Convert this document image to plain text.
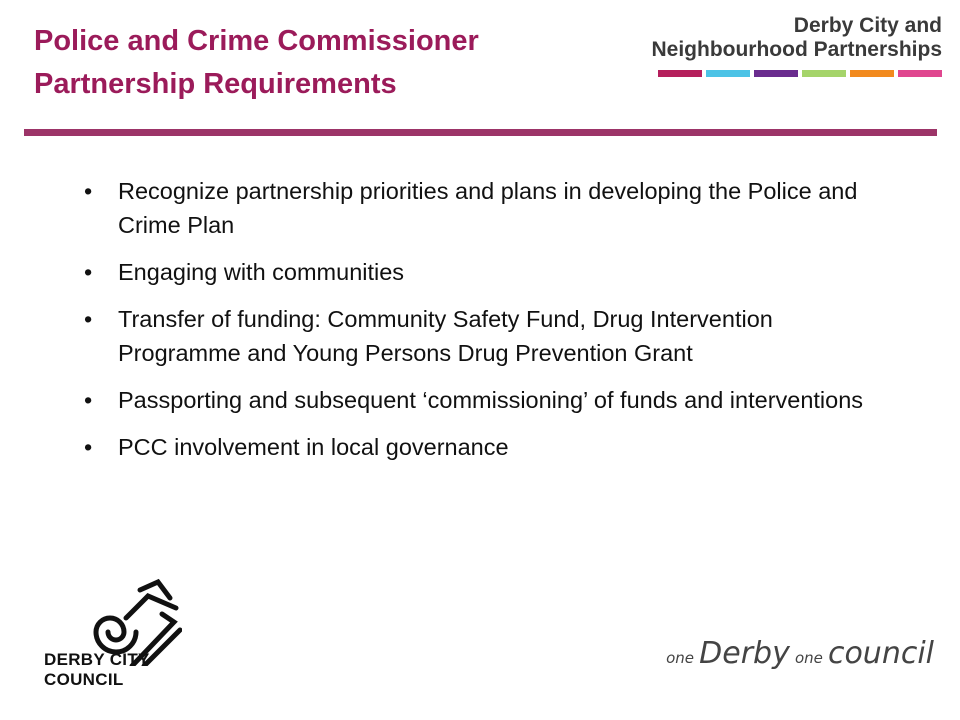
Police and Crime Commissioner
Partnership Requirements
Derby City and
Neighbourhood Partnerships
• Recognize partnership priorities and plans in developing the Police and Crime Plan
• Engaging with communities
• Transfer of funding: Community Safety Fund, Drug Intervention Programme and Young Persons Drug Prevention Grant
• Passporting and subsequent ‘commissioning’ of funds and interventions
• PCC involvement in local governance
DERBY CITY COUNCIL
one Derby one council
